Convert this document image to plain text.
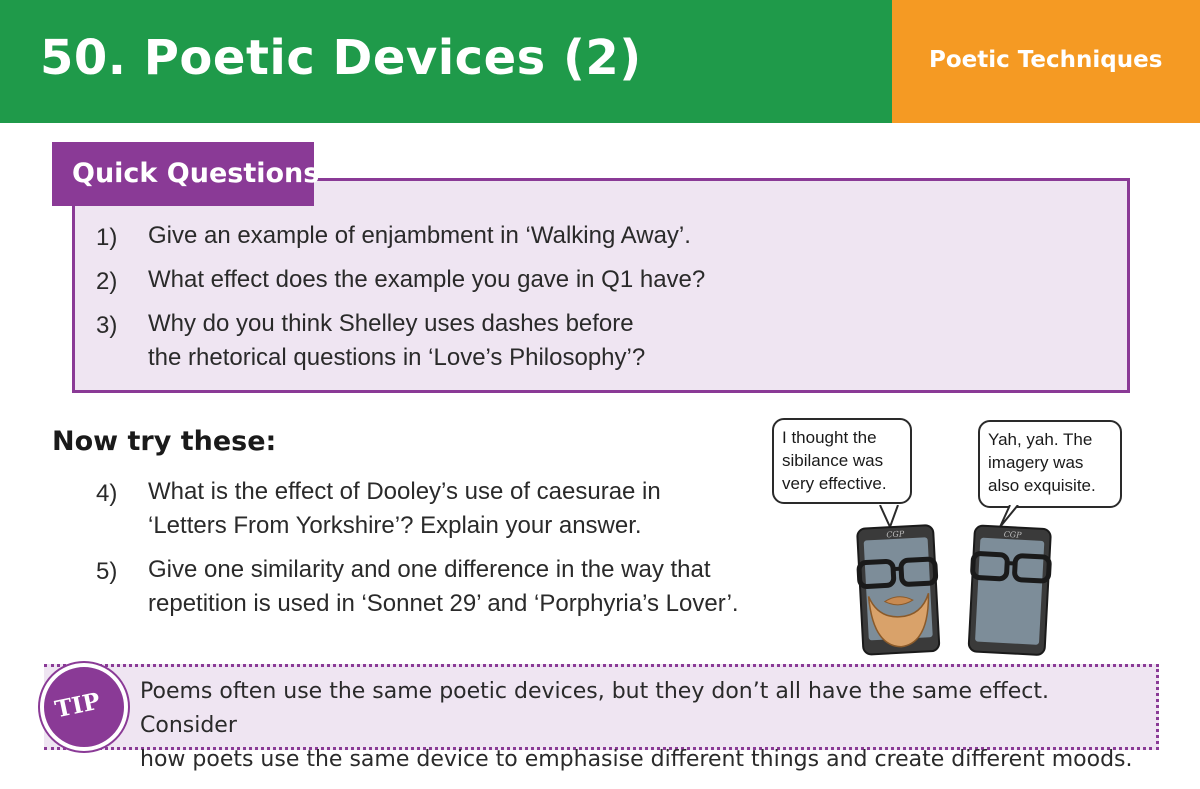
50. Poetic Devices (2)	Poetic Techniques
Quick Questions
1) Give an example of enjambment in ‘Walking Away’.
2) What effect does the example you gave in Q1 have?
3) Why do you think Shelley uses dashes before
the rhetorical questions in ‘Love’s Philosophy’?
Now try these:
4) What is the effect of Dooley’s use of caesurae in
‘Letters From Yorkshire’? Explain your answer.
5) Give one similarity and one difference in the way that
repetition is used in ‘Sonnet 29’ and ‘Porphyria’s Lover’.
I thought the
sibilance was
very effective.
Yah, yah. The
imagery was
also exquisite.
CGP	CGP
TIP Poems often use the same poetic devices, but they don’t all have the same effect. Consider
how poets use the same device to emphasise different things and create different moods.
